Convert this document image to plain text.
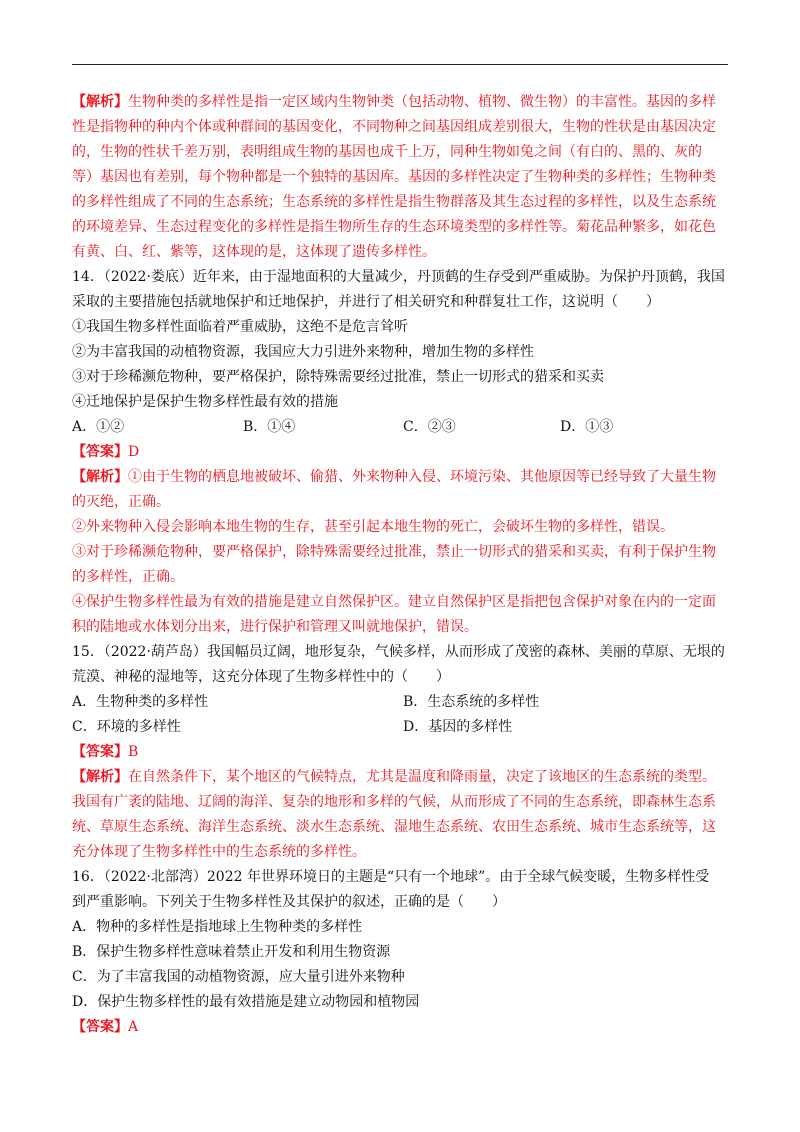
【解析】生物种类的多样性是指一定区域内生物钟类（包括动物、植物、微生物）的丰富性。基因的多样
性是指物种的种内个体或种群间的基因变化，不同物种之间基因组成差别很大，生物的性状是由基因决定
的，生物的性状千差万别，表明组成生物的基因也成千上万，同种生物如兔之间（有白的、黑的、灰的
等）基因也有差别，每个物种都是一个独特的基因库。基因的多样性决定了生物种类的多样性；生物种类
的多样性组成了不同的生态系统；生态系统的多样性是指生物群落及其生态过程的多样性，以及生态系统
的环境差异、生态过程变化的多样性是指生物所生存的生态环境类型的多样性等。菊花品种繁多，如花色
有黄、白、红、紫等，这体现的是，这体现了遗传多样性。
14．（2022·娄底）近年来，由于湿地面积的大量减少，丹顶鹤的生存受到严重威胁。为保护丹顶鹤，我国
采取的主要措施包括就地保护和迁地保护，并进行了相关研究和种群复壮工作，这说明（　　）
①我国生物多样性面临着严重威胁，这绝不是危言耸听
②为丰富我国的动植物资源，我国应大力引进外来物种，增加生物的多样性
③对于珍稀濒危物种，要严格保护，除特殊需要经过批准，禁止一切形式的猎采和买卖
④迁地保护是保护生物多样性最有效的措施
A．①②	B．①④	C．②③	D．①③
【答案】D
【解析】①由于生物的栖息地被破坏、偷猎、外来物种入侵、环境污染、其他原因等已经导致了大量生物
的灭绝，正确。
②外来物种入侵会影响本地生物的生存，甚至引起本地生物的死亡，会破坏生物的多样性，错误。
③对于珍稀濒危物种，要严格保护，除特殊需要经过批准，禁止一切形式的猎采和买卖，有利于保护生物
的多样性，正确。
④保护生物多样性最为有效的措施是建立自然保护区。建立自然保护区是指把包含保护对象在内的一定面
积的陆地或水体划分出来，进行保护和管理又叫就地保护，错误。
15．（2022·葫芦岛）我国幅员辽阔，地形复杂，气候多样，从而形成了茂密的森林、美丽的草原、无垠的
荒漠、神秘的湿地等，这充分体现了生物多样性中的（　　）
A．生物种类的多样性	B．生态系统的多样性
C．环境的多样性	D．基因的多样性
【答案】B
【解析】在自然条件下，某个地区的气候特点，尤其是温度和降雨量，决定了该地区的生态系统的类型。
我国有广袤的陆地、辽阔的海洋、复杂的地形和多样的气候，从而形成了不同的生态系统，即森林生态系
统、草原生态系统、海洋生态系统、淡水生态系统、湿地生态系统、农田生态系统、城市生态系统等，这
充分体现了生物多样性中的生态系统的多样性。
16．（2022·北部湾）2022 年世界环境日的主题是“只有一个地球”。由于全球气候变暖，生物多样性受
到严重影响。下列关于生物多样性及其保护的叙述，正确的是（　　）
A．物种的多样性是指地球上生物种类的多样性
B．保护生物多样性意味着禁止开发和利用生物资源
C．为了丰富我国的动植物资源，应大量引进外来物种
D．保护生物多样性的最有效措施是建立动物园和植物园
【答案】A
